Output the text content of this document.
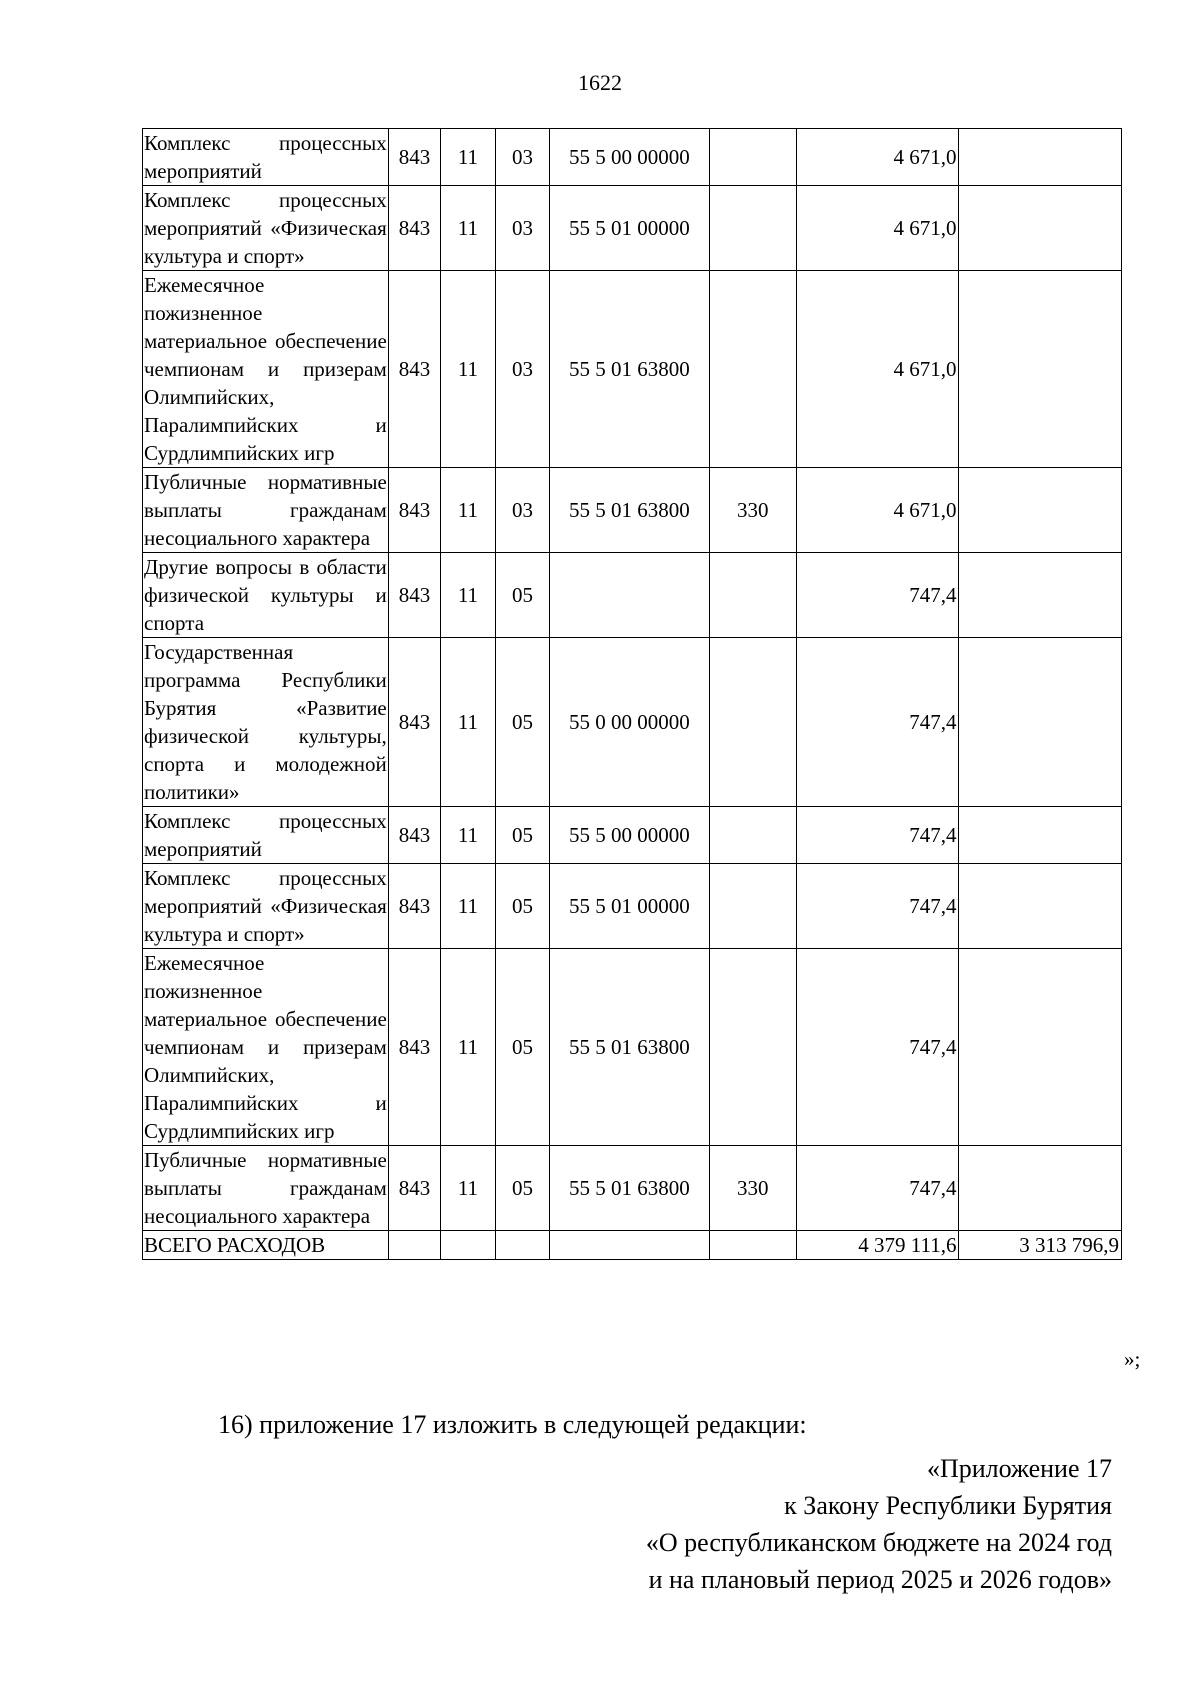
1622
Комплекс процессных мероприятий	843	11	03	55 5 00 00000		4 671,0	
Комплекс процессных мероприятий «Физическая культура и спорт»	843	11	03	55 5 01 00000		4 671,0	
Ежемесячное пожизненное материальное обеспечение чемпионам и призерам Олимпийских, Паралимпийских и Сурдлимпийских игр	843	11	03	55 5 01 63800		4 671,0	
Публичные нормативные выплаты гражданам несоциального характера	843	11	03	55 5 01 63800	330	4 671,0	
Другие вопросы в области физической культуры и спорта	843	11	05			747,4	
Государственная программа Республики Бурятия «Развитие физической культуры, спорта и молодежной политики»	843	11	05	55 0 00 00000		747,4	
Комплекс процессных мероприятий	843	11	05	55 5 00 00000		747,4	
Комплекс процессных мероприятий «Физическая культура и спорт»	843	11	05	55 5 01 00000		747,4	
Ежемесячное пожизненное материальное обеспечение чемпионам и призерам Олимпийских, Паралимпийских и Сурдлимпийских игр	843	11	05	55 5 01 63800		747,4	
Публичные нормативные выплаты гражданам несоциального характера	843	11	05	55 5 01 63800	330	747,4	
ВСЕГО РАСХОДОВ						4 379 111,6	3 313 796,9
»;
16) приложение 17 изложить в следующей редакции:
«Приложение 17
к Закону Республики Бурятия
«О республиканском бюджете на 2024 год
и на плановый период 2025 и 2026 годов»
